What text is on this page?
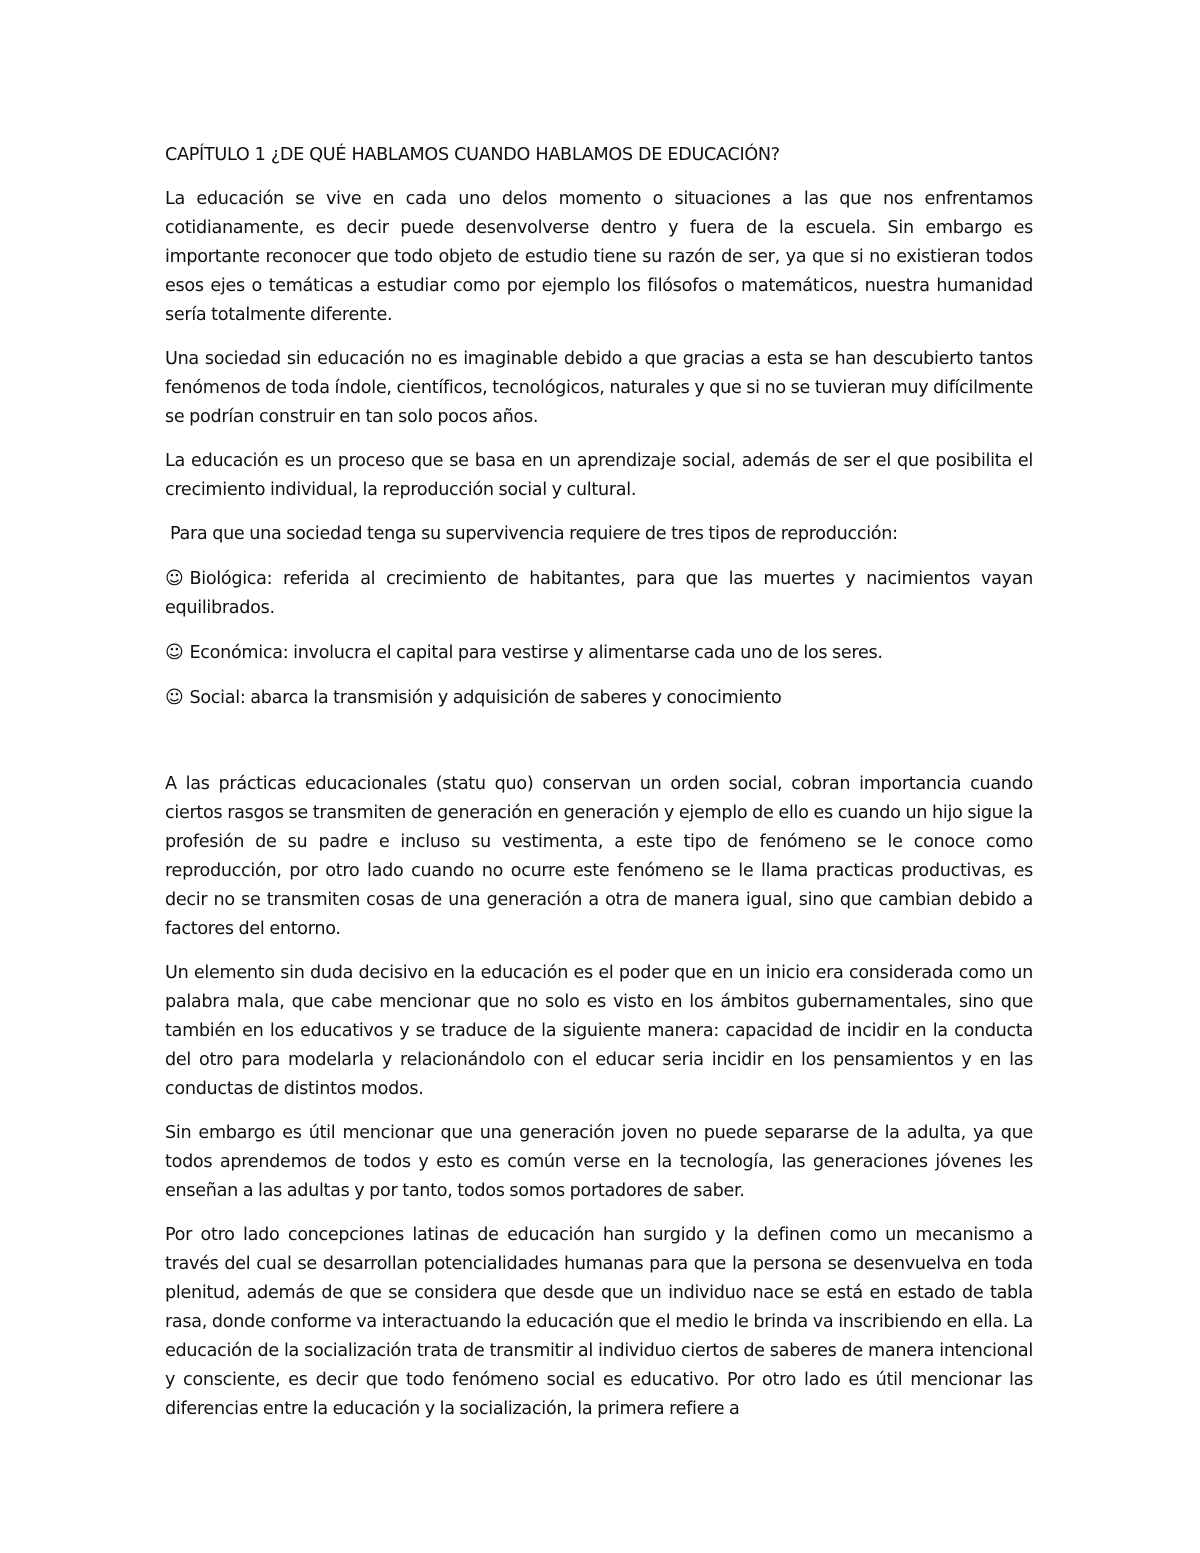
CAPÍTULO 1 ¿DE QUÉ HABLAMOS CUANDO HABLAMOS DE EDUCACIÓN?

La educación se vive en cada uno delos momento o situaciones a las que nos enfrentamos cotidianamente, es decir puede desenvolverse dentro y fuera de la escuela. Sin embargo es importante reconocer que todo objeto de estudio tiene su razón de ser, ya que si no existieran todos esos ejes o temáticas a estudiar como por ejemplo los filósofos o matemáticos, nuestra humanidad sería totalmente diferente.

Una sociedad sin educación no es imaginable debido a que gracias a esta se han descubierto tantos fenómenos de toda índole, científicos, tecnológicos, naturales y que si no se tuvieran muy difícilmente se podrían construir en tan solo pocos años.

La educación es un proceso que se basa en un aprendizaje social, además de ser el que posibilita el crecimiento individual, la reproducción social y cultural.

Para que una sociedad tenga su supervivencia requiere de tres tipos de reproducción:

☺ Biológica: referida al crecimiento de habitantes, para que las muertes y nacimientos vayan equilibrados.

☺ Económica: involucra el capital para vestirse y alimentarse cada uno de los seres.

☺ Social: abarca la transmisión y adquisición de saberes y conocimiento

A las prácticas educacionales (statu quo) conservan un orden social, cobran importancia cuando ciertos rasgos se transmiten de generación en generación y ejemplo de ello es cuando un hijo sigue la profesión de su padre e incluso su vestimenta, a este tipo de fenómeno se le conoce como reproducción, por otro lado cuando no ocurre este fenómeno se le llama practicas productivas, es decir no se transmiten cosas de una generación a otra de manera igual, sino que cambian debido a factores del entorno.

Un elemento sin duda decisivo en la educación es el poder que en un inicio era considerada como un palabra mala, que cabe mencionar que no solo es visto en los ámbitos gubernamentales, sino que también en los educativos y se traduce de la siguiente manera: capacidad de incidir en la conducta del otro para modelarla y relacionándolo con el educar seria incidir en los pensamientos y en las conductas de distintos modos.

Sin embargo es útil mencionar que una generación joven no puede separarse de la adulta, ya que todos aprendemos de todos y esto es común verse en la tecnología, las generaciones jóvenes les enseñan a las adultas y por tanto, todos somos portadores de saber.

Por otro lado concepciones latinas de educación han surgido y la definen como un mecanismo a través del cual se desarrollan potencialidades humanas para que la persona se desenvuelva en toda plenitud, además de que se considera que desde que un individuo nace se está en estado de tabla rasa, donde conforme va interactuando la educación que el medio le brinda va inscribiendo en ella. La educación de la socialización trata de transmitir al individuo ciertos de saberes de manera intencional y consciente, es decir que todo fenómeno social es educativo. Por otro lado es útil mencionar las diferencias entre la educación y la socialización, la primera refiere a
